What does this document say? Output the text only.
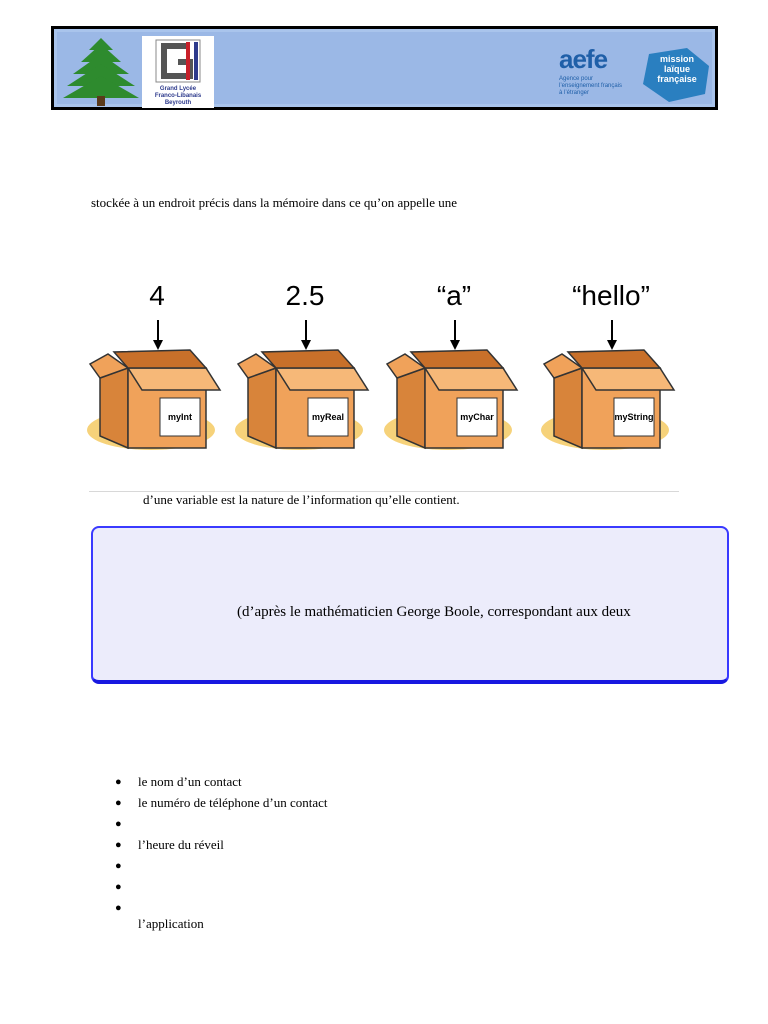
Grand Lycée
Franco-Libanais
Beyrouth
aefe
Agence pour
l’enseignement français
à l’étranger
mission
laïque
française
stockée à un endroit précis dans la mémoire dans ce qu’on appelle une
4	2.5	“a”	“hello”
myInt	myReal	myChar	myString
d’une variable est la nature de l’information qu’elle contient.
(d’après le mathématicien George Boole, correspondant aux deux
● le nom d’un contact
● le numéro de téléphone d’un contact
●
● l’heure du réveil
●
●
●
l’application
